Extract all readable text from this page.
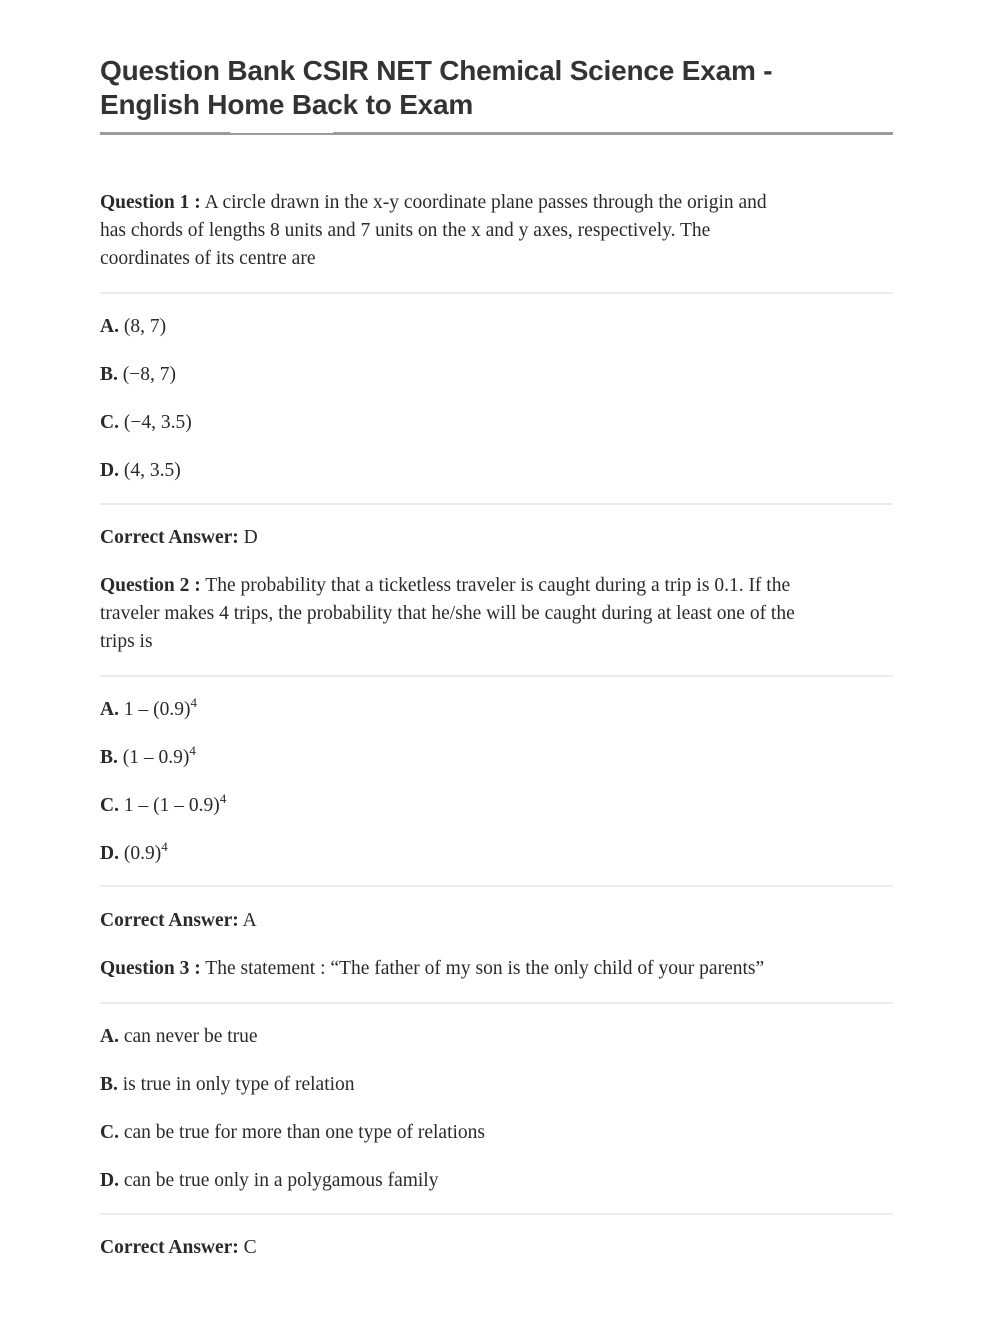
Question Bank CSIR NET Chemical Science Exam -
English Home Back to Exam

Question 1 : A circle drawn in the x-y coordinate plane passes through the origin and
has chords of lengths 8 units and 7 units on the x and y axes, respectively. The
coordinates of its centre are

A. (8, 7)

B. (−8, 7)

C. (−4, 3.5)

D. (4, 3.5)

Correct Answer: D

Question 2 : The probability that a ticketless traveler is caught during a trip is 0.1. If the
traveler makes 4 trips, the probability that he/she will be caught during at least one of the
trips is

A. $1 - (0.9)^4$

B. (1 – 0.9)$^4$

C. 1 – (1 – 0.9)$^4$

D. $(0.9)^4$

Correct Answer: A

Question 3 : The statement : “The father of my son is the only child of your parents”

A. can never be true

B. is true in only type of relation

C. can be true for more than one type of relations

D. can be true only in a polygamous family

Correct Answer: C
